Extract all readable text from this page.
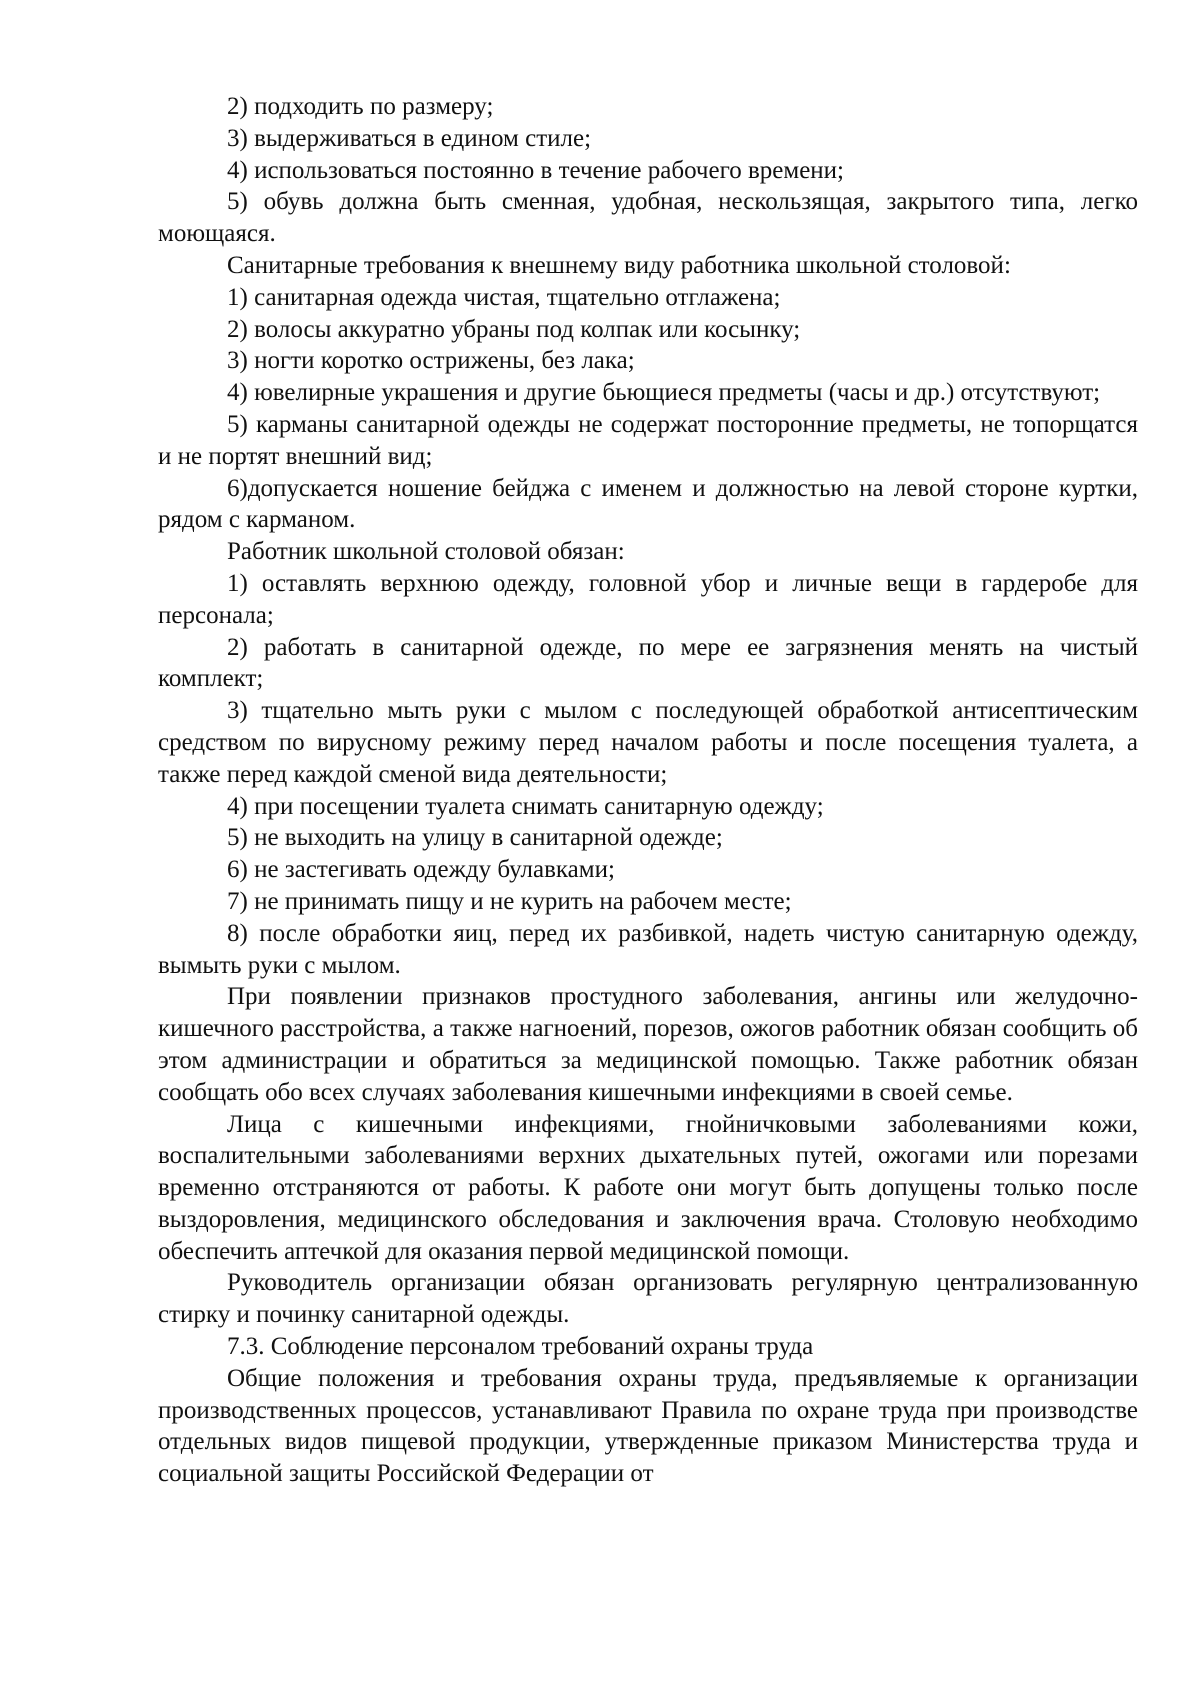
2) подходить по размеру;

3) выдерживаться в едином стиле;

4) использоваться постоянно в течение рабочего времени;

5) обувь должна быть сменная, удобная, нескользящая, закрытого типа, легко моющаяся.

Санитарные требования к внешнему виду работника школьной столовой:

1) санитарная одежда чистая, тщательно отглажена;

2) волосы аккуратно убраны под колпак или косынку;

3) ногти коротко острижены, без лака;

4) ювелирные украшения и другие бьющиеся предметы (часы и др.) отсутствуют;

5) карманы санитарной одежды не содержат посторонние предметы, не топорщатся и не портят внешний вид;

6)допускается ношение бейджа с именем и должностью на левой стороне куртки, рядом с карманом.

Работник школьной столовой обязан:

1) оставлять верхнюю одежду, головной убор и личные вещи в гардеробе для персонала;

2) работать в санитарной одежде, по мере ее загрязнения менять на чистый комплект;

3) тщательно мыть руки с мылом с последующей обработкой антисептическим средством по вирусному режиму перед началом работы и после посещения туалета, а также перед каждой сменой вида деятельности;

4) при посещении туалета снимать санитарную одежду;

5) не выходить на улицу в санитарной одежде;

6) не застегивать одежду булавками;

7) не принимать пищу и не курить на рабочем месте;

8) после обработки яиц, перед их разбивкой, надеть чистую санитарную одежду, вымыть руки с мылом.

При появлении признаков простудного заболевания, ангины или желудочно-кишечного расстройства, а также нагноений, порезов, ожогов работник обязан сообщить об этом администрации и обратиться за медицинской помощью. Также работник обязан сообщать обо всех случаях заболевания кишечными инфекциями в своей семье.

Лица с кишечными инфекциями, гнойничковыми заболеваниями кожи, воспалительными заболеваниями верхних дыхательных путей, ожогами или порезами временно отстраняются от работы. К работе они могут быть допущены только после выздоровления, медицинского обследования и заключения врача. Столовую необходимо обеспечить аптечкой для оказания первой медицинской помощи.

Руководитель организации обязан организовать регулярную централизованную стирку и починку санитарной одежды.

7.3. Соблюдение персоналом требований охраны труда

Общие положения и требования охраны труда, предъявляемые к организации производственных процессов, устанавливают Правила по охране труда при производстве отдельных видов пищевой продукции, утвержденные приказом Министерства труда и социальной защиты Российской Федерации от
